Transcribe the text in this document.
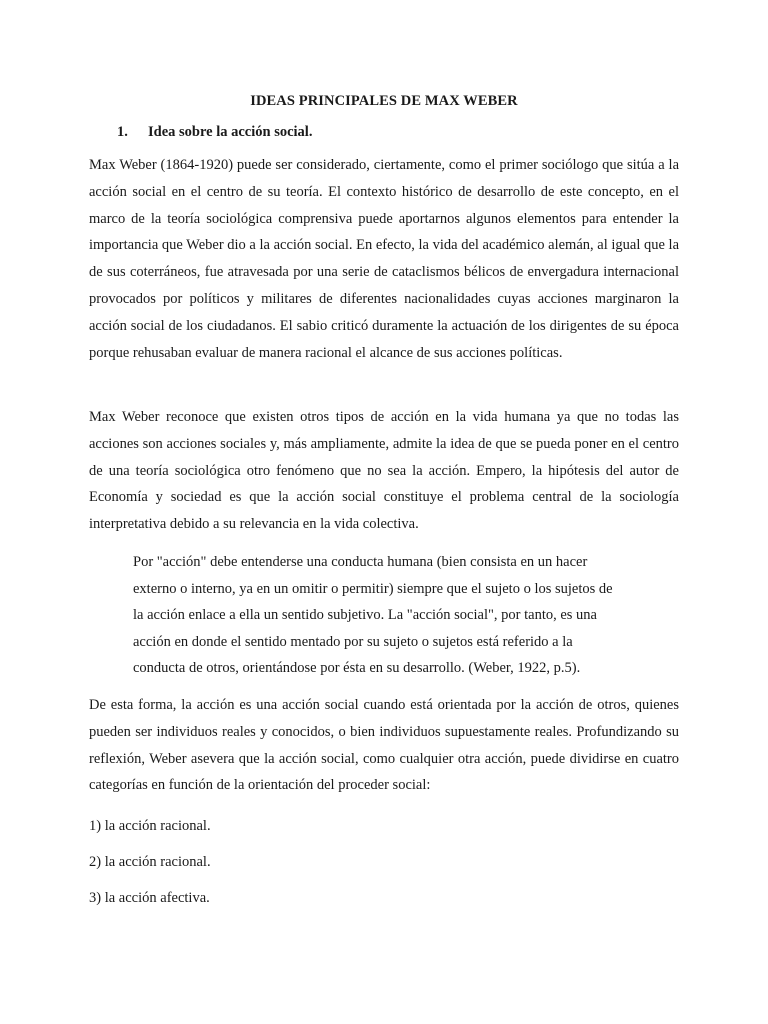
IDEAS PRINCIPALES DE MAX WEBER
1. Idea sobre la acción social.

Max Weber (1864-1920) puede ser considerado, ciertamente, como el primer sociólogo que sitúa a la acción social en el centro de su teoría. El contexto histórico de desarrollo de este concepto, en el marco de la teoría sociológica comprensiva puede aportarnos algunos elementos para entender la importancia que Weber dio a la acción social. En efecto, la vida del académico alemán, al igual que la de sus coterráneos, fue atravesada por una serie de cataclismos bélicos de envergadura internacional provocados por políticos y militares de diferentes nacionalidades cuyas acciones marginaron la acción social de los ciudadanos. El sabio criticó duramente la actuación de los dirigentes de su época porque rehusaban evaluar de manera racional el alcance de sus acciones políticas.

Max Weber reconoce que existen otros tipos de acción en la vida humana ya que no todas las acciones son acciones sociales y, más ampliamente, admite la idea de que se pueda poner en el centro de una teoría sociológica otro fenómeno que no sea la acción. Empero, la hipótesis del autor de Economía y sociedad es que la acción social constituye el problema central de la sociología interpretativa debido a su relevancia en la vida colectiva.

Por "acción" debe entenderse una conducta humana (bien consista en un hacer
externo o interno, ya en un omitir o permitir) siempre que el sujeto o los sujetos de
la acción enlace a ella un sentido subjetivo. La "acción social", por tanto, es una
acción en donde el sentido mentado por su sujeto o sujetos está referido a la
conducta de otros, orientándose por ésta en su desarrollo. (Weber, 1922, p.5).

De esta forma, la acción es una acción social cuando está orientada por la acción de otros, quienes pueden ser individuos reales y conocidos, o bien individuos supuestamente reales. Profundizando su reflexión, Weber asevera que la acción social, como cualquier otra acción, puede dividirse en cuatro categorías en función de la orientación del proceder social:

1) la acción racional.
2) la acción racional.
3) la acción afectiva.
